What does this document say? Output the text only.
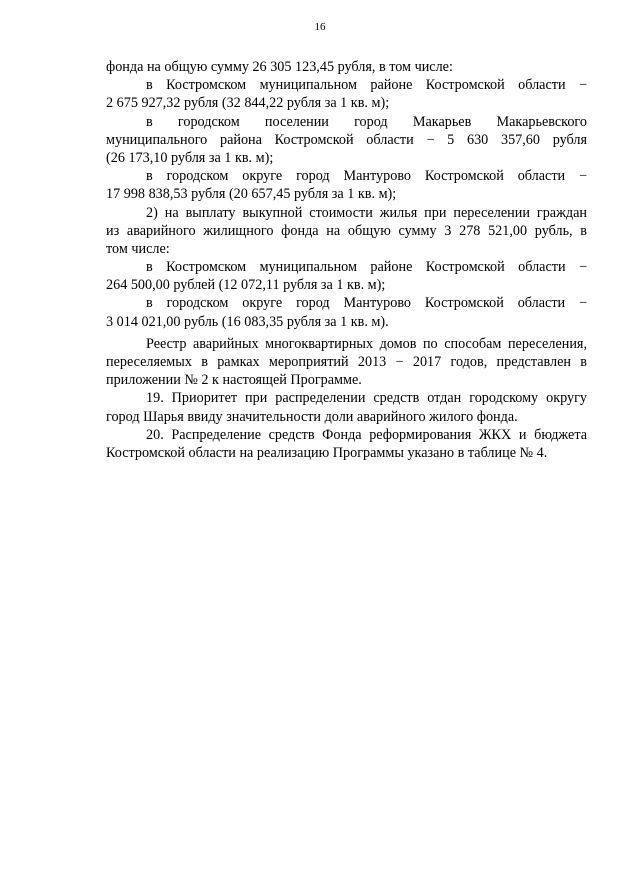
16
фонда на общую сумму 26 305 123,45 рубля, в том числе:
в Костромском муниципальном районе Костромской области −
2 675 927,32 рубля (32 844,22 рубля за 1 кв. м);
в городском поселении город Макарьев Макарьевского
муниципального района Костромской области − 5 630 357,60 рубля
(26 173,10 рубля за 1 кв. м);
в городском округе город Мантурово Костромской области −
17 998 838,53 рубля (20 657,45 рубля за 1 кв. м);
2) на выплату выкупной стоимости жилья при переселении граждан
из аварийного жилищного фонда на общую сумму 3 278 521,00 рубль, в
том числе:
в Костромском муниципальном районе Костромской области −
264 500,00 рублей (12 072,11 рубля за 1 кв. м);
в городском округе город Мантурово Костромской области −
3 014 021,00 рубль (16 083,35 рубля за 1 кв. м).
Реестр аварийных многоквартирных домов по способам переселения,
переселяемых в рамках мероприятий 2013 − 2017 годов, представлен в
приложении № 2 к настоящей Программе.
19. Приоритет при распределении средств отдан городскому округу
город Шарья ввиду значительности доли аварийного жилого фонда.
20. Распределение средств Фонда реформирования ЖКХ и бюджета
Костромской области на реализацию Программы указано в таблице № 4.
